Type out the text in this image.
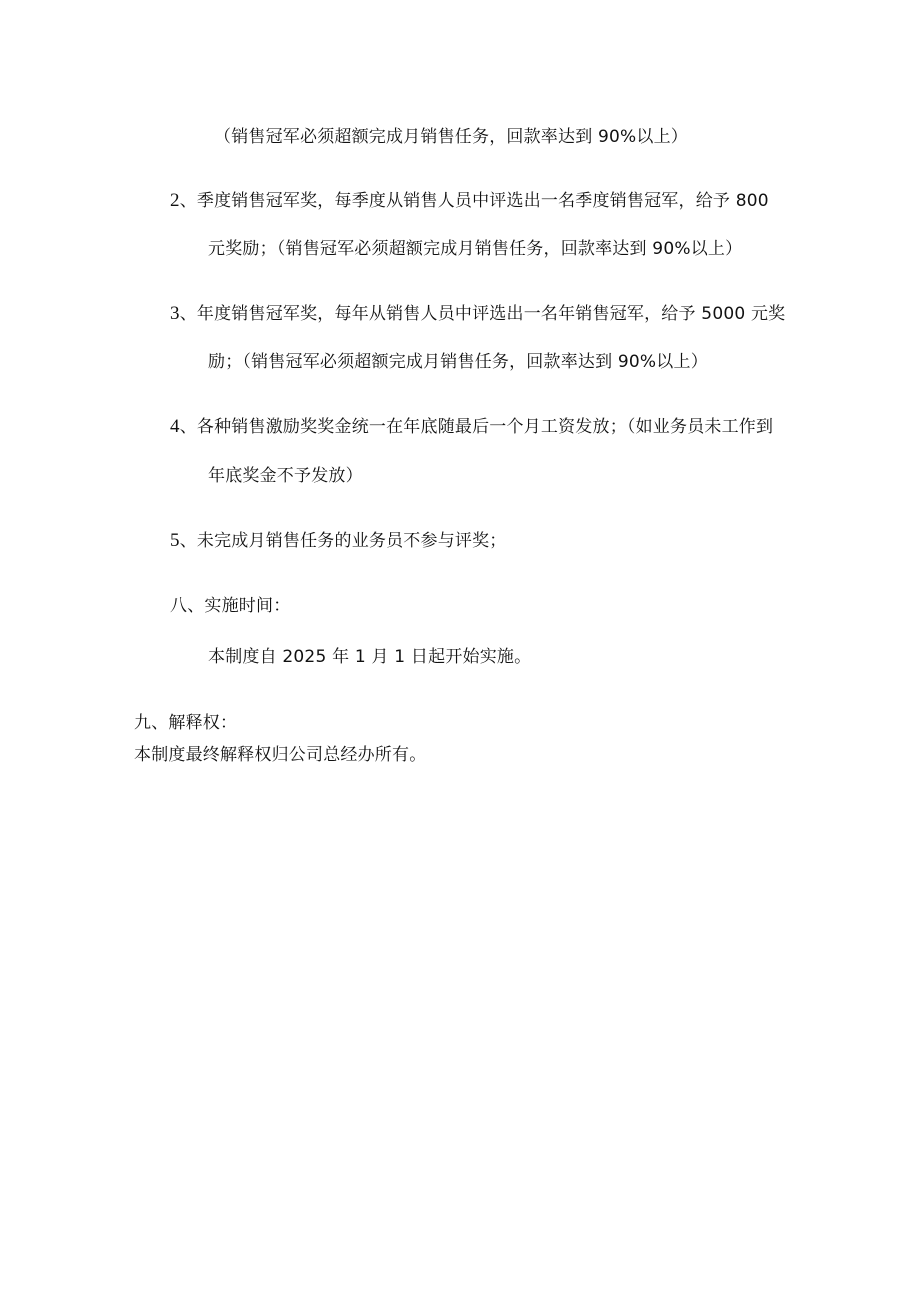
（销售冠军必须超额完成月销售任务，回款率达到 90%以上）
2、季度销售冠军奖，每季度从销售人员中评选出一名季度销售冠军，给予 800
元奖励；（销售冠军必须超额完成月销售任务，回款率达到 90%以上）
3、年度销售冠军奖，每年从销售人员中评选出一名年销售冠军，给予 5000 元奖
励；（销售冠军必须超额完成月销售任务，回款率达到 90%以上）
4、各种销售激励奖奖金统一在年底随最后一个月工资发放；（如业务员未工作到
年底奖金不予发放）
5、未完成月销售任务的业务员不参与评奖；
八、实施时间：
本制度自 2025 年 1 月 1 日起开始实施。
九、解释权：
本制度最终解释权归公司总经办所有。
